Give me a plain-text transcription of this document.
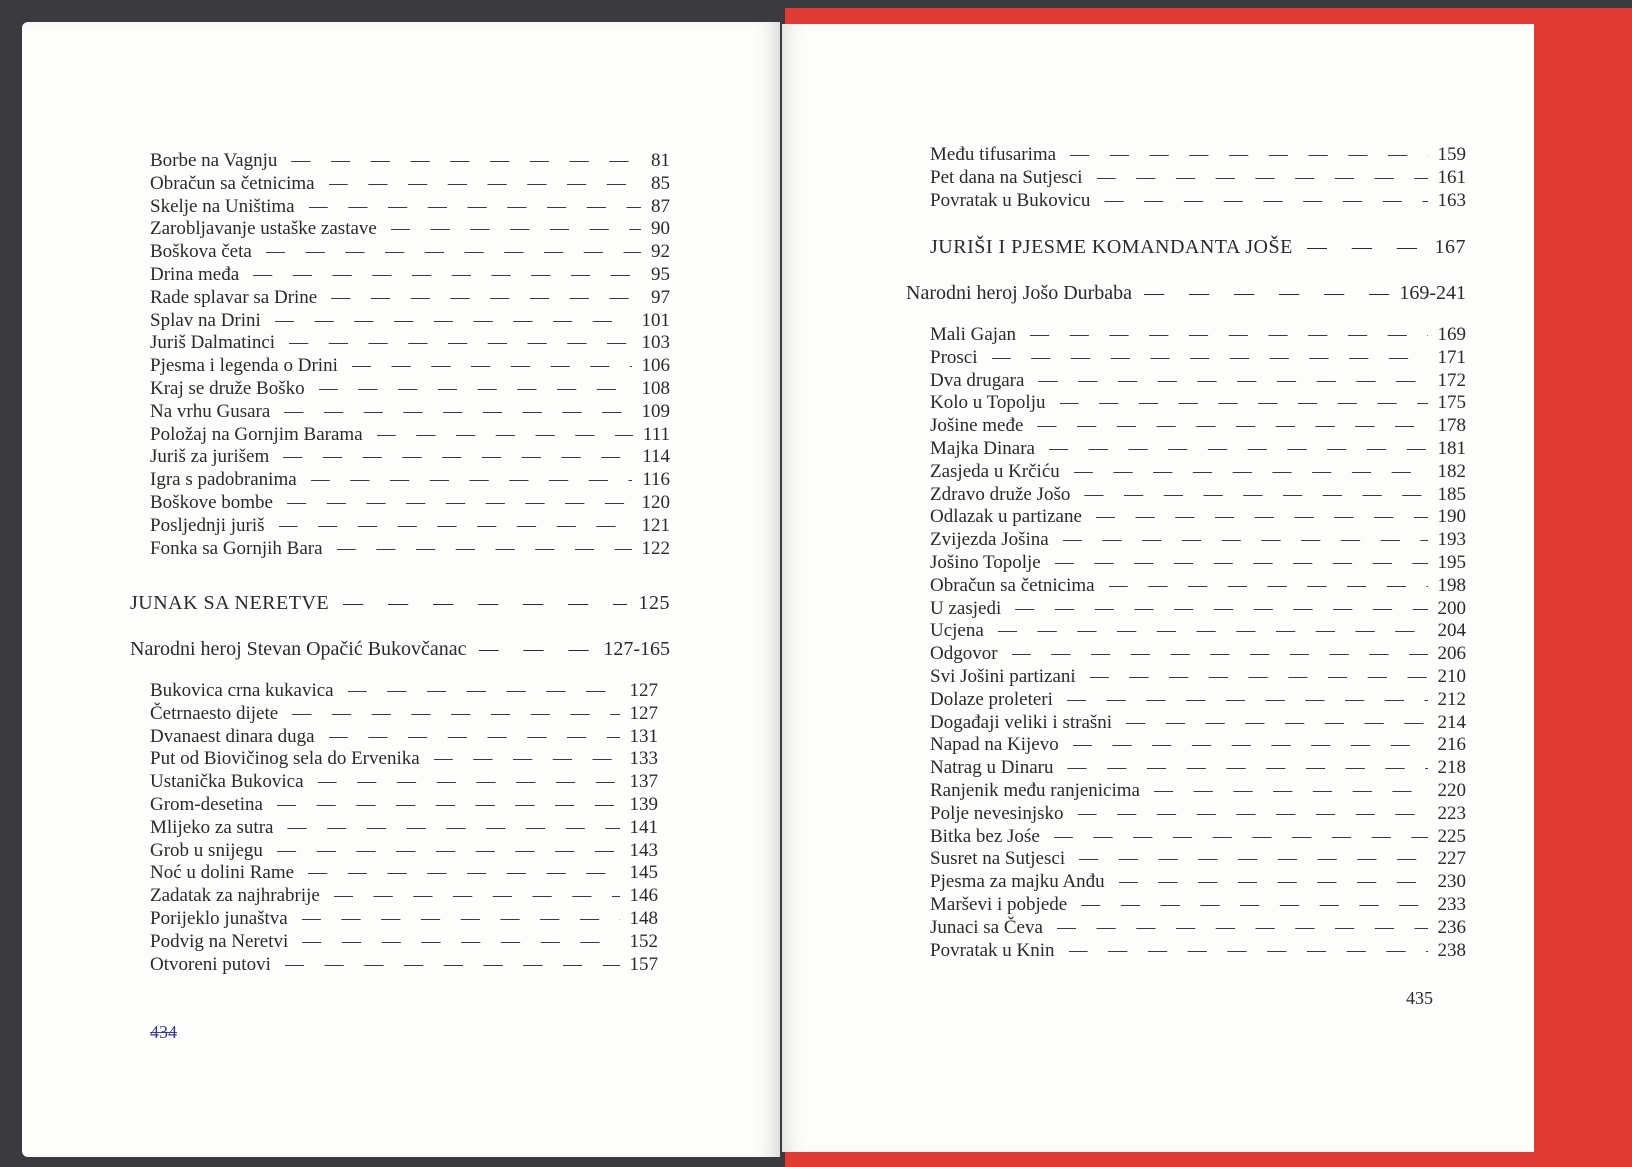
Borbe na Vagnju — — —	81
Obračun sa četnicima — — —	85
Skelje na Uništima — — —	87
Zarobljavanje ustaške zastave — — —	90
Boškova četa — — —	92
Drina međa — — —	95
Rade splavar sa Drine — — —	97
Splav na Drini — — —	101
Juriš Dalmatinci — — —	103
Pjesma i legenda o Drini — — —	106
Kraj se druže Boško — — —	108
Na vrhu Gusara — — —	109
Položaj na Gornjim Barama — — —	111
Juriš za jurišem — — —	114
Igra s padobranima — — —	116
Boškove bombe — — —	120
Posljednji juriš — — —	121
Fonka sa Gornjih Bara — — —	122
JUNAK SA NERETVE — — —	125
Narodni heroj Stevan Opačić Bukovčanac — — —	127-165
Bukovica crna kukavica — — —	127
Četrnaesto dijete — — —	127
Dvanaest dinara duga — — —	131
Put od Biovičinog sela do Ervenika — — —	133
Ustanička Bukovica — — —	137
Grom-desetina — — —	139
Mlijeko za sutra — — —	141
Grob u snijegu — — —	143
Noć u dolini Rame — — —	145
Zadatak za najhrabrije — — —	146
Porijeklo junaštva — — —	148
Podvig na Neretvi — — —	152
Otvoreni putovi — — —	157
434
Među tifusarima — — —	159
Pet dana na Sutjesci — — —	161
Povratak u Bukovicu — — —	163
JURIŠI I PJESME KOMANDANTA JOŠE — — —	167
Narodni heroj Jošo Durbaba — — —	169-241
Mali Gajan — — —	169
Prosci — — —	171
Dva drugara — — —	172
Kolo u Topolju — — —	175
Jošine međe — — —	178
Majka Dinara — — —	181
Zasjeda u Krčiću — — —	182
Zdravo druže Jošo — — —	185
Odlazak u partizane — — —	190
Zvijezda Jošina — — —	193
Jošino Topolje — — —	195
Obračun sa četnicima — — —	198
U zasjedi — — —	200
Ucjena — — —	204
Odgovor — — —	206
Svi Jošini partizani — — —	210
Dolaze proleteri — — —	212
Događaji veliki i strašni — — —	214
Napad na Kijevo — — —	216
Natrag u Dinaru — — —	218
Ranjenik među ranjenicima — — —	220
Polje nevesinjsko — — —	223
Bitka bez Jośe — — —	225
Susret na Sutjesci — — —	227
Pjesma za majku Anđu — — —	230
Marševi i pobjede — — —	233
Junaci sa Čeva — — —	236
Povratak u Knin — — —	238
435
